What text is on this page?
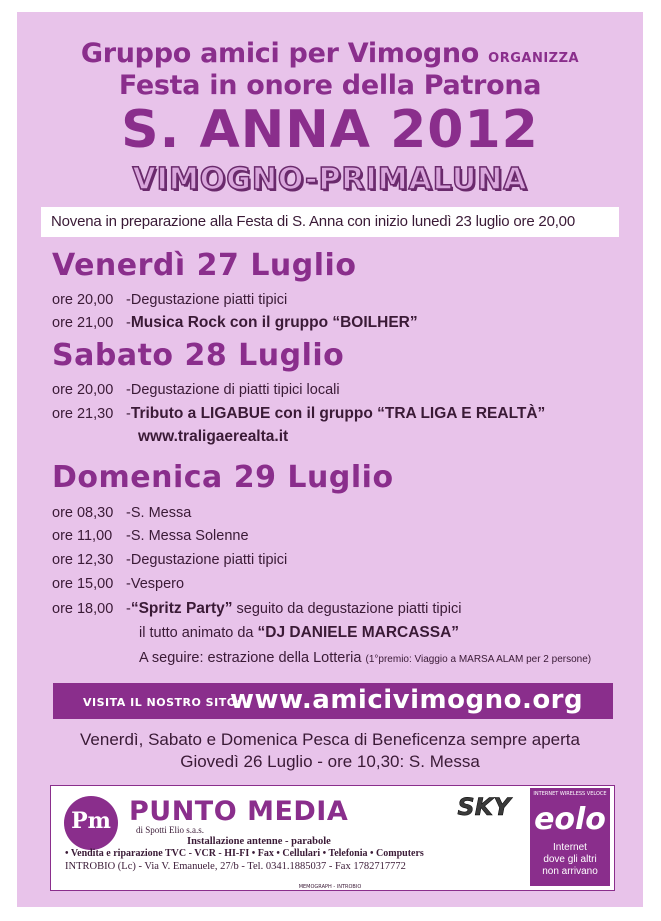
Gruppo amici per Vimogno ORGANIZZA
Festa in onore della Patrona
S. ANNA 2012
VIMOGNO-PRIMALUNA
Novena in preparazione alla Festa di S. Anna con inizio lunedì 23 luglio ore 20,00
Venerdì 27 Luglio
ore 20,00 -Degustazione piatti tipici
ore 21,00 -Musica Rock con il gruppo “BOILHER”
Sabato 28 Luglio
ore 20,00 -Degustazione di piatti tipici locali
ore 21,30 -Tributo a LIGABUE con il gruppo “TRA LIGA E REALTÀ”
www.traligaerealta.it
Domenica 29 Luglio
ore 08,30 -S. Messa
ore 11,00 -S. Messa Solenne
ore 12,30 -Degustazione piatti tipici
ore 15,00 -Vespero
ore 18,00 -“Spritz Party” seguito da degustazione piatti tipici
il tutto animato da “DJ DANIELE MARCASSA”
A seguire: estrazione della Lotteria (1°premio: Viaggio a MARSA ALAM per 2 persone)
VISITA IL NOSTRO SITO:
www.amicivimogno.org
Venerdì, Sabato e Domenica Pesca di Beneficenza sempre aperta
Giovedì 26 Luglio - ore 10,30: S. Messa
Pm PUNTO MEDIA
di Spotti Elio s.a.s.
Installazione antenne - parabole
• Vendita e riparazione TVC - VCR - HI-FI • Fax • Cellulari • Telefonia • Computers
INTROBIO (Lc) - Via V. Emanuele, 27/b - Tel. 0341.1885037 - Fax 1782717772
SKY	INTERNET WIRELESS VELOCE
eolo
Internet
dove gli altri
non arrivano
MEMOGRAPH - INTROBIO
